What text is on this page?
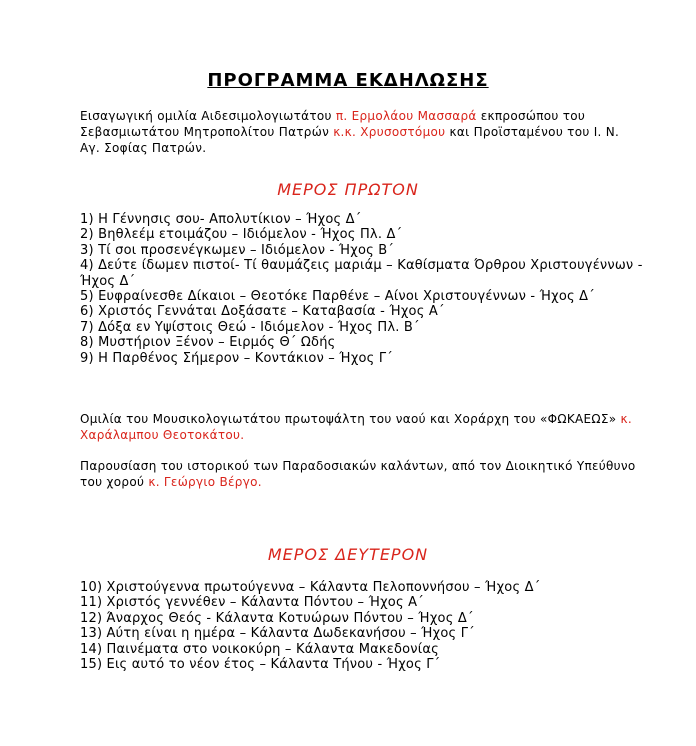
ΠΡΟΓΡΑΜΜΑ ΕΚΔΗΛΩΣΗΣ
Εισαγωγική ομιλία Αιδεσιμολογιωτάτου π. Ερμολάου Μασσαρά εκπροσώπου του Σεβασμιωτάτου Μητροπολίτου Πατρών κ.κ. Χρυσοστόμου και Προϊσταμένου του Ι. Ν. Αγ. Σοφίας Πατρών.
ΜΕΡΟΣ ΠΡΩΤΟΝ
1) Η Γέννησις σου- Απολυτίκιον – Ήχος Δ΄
2) Βηθλεέμ ετοιμάζου – Ιδιόμελον - Ήχος Πλ. Δ΄
3) Τί σοι προσενέγκωμεν – Ιδιόμελον - Ήχος Β΄
4) Δεύτε ίδωμεν πιστοί- Τί θαυμάζεις μαριάμ – Καθίσματα Όρθρου Χριστουγέννων - Ήχος Δ΄
5) Ευφραίνεσθε Δίκαιοι – Θεοτόκε Παρθένε – Αίνοι Χριστουγέννων - Ήχος Δ΄
6) Χριστός Γεννάται Δοξάσατε – Καταβασία - Ήχος Α΄
7) Δόξα εν Υψίστοις Θεώ - Ιδιόμελον - Ήχος Πλ. Β΄
8) Μυστήριον Ξένον – Ειρμός Θ΄ Ωδής
9) Η Παρθένος Σήμερον – Κοντάκιον – Ήχος Γ΄
Ομιλία του Μουσικολογιωτάτου πρωτοψάλτη του ναού και Χοράρχη του «ΦΩΚΑΕΩΣ» κ. Χαράλαμπου Θεοτοκάτου.
Παρουσίαση του ιστορικού των Παραδοσιακών καλάντων, από τον Διοικητικό Υπεύθυνο του χορού κ. Γεώργιο Βέργο.
ΜΕΡΟΣ ΔΕΥΤΕΡΟΝ
10) Χριστούγεννα πρωτούγεννα – Κάλαντα Πελοποννήσου – Ήχος Δ΄
11) Χριστός γεννέθεν – Κάλαντα Πόντου – Ήχος Α΄
12) Άναρχος Θεός - Κάλαντα Κοτυώρων Πόντου – Ήχος Δ΄
13) Αύτη είναι η ημέρα – Κάλαντα Δωδεκανήσου – Ήχος Γ΄
14) Παινέματα στο νοικοκύρη – Κάλαντα Μακεδονίας
15) Εις αυτό το νέον έτος – Κάλαντα Τήνου - Ήχος Γ΄
